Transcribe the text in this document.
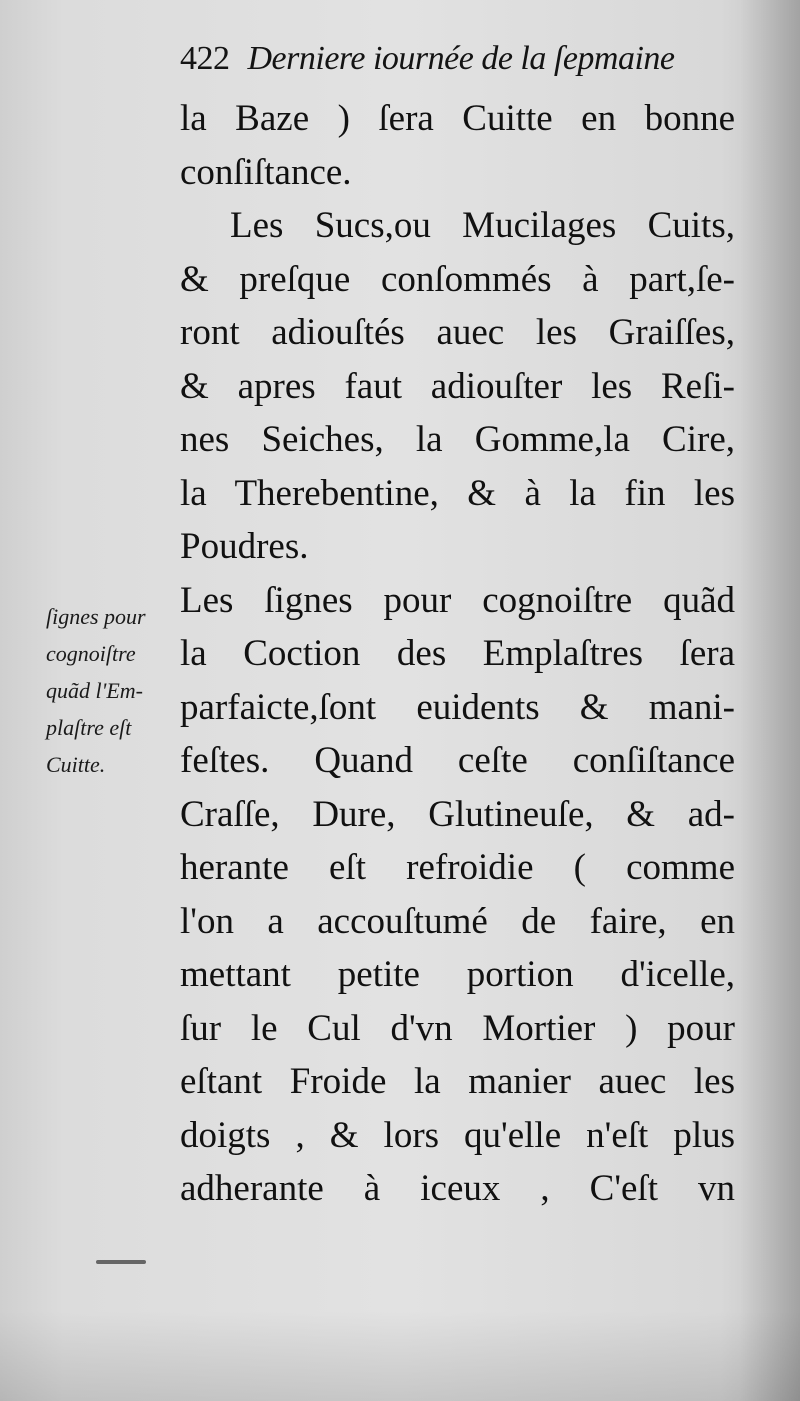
422 Derniere iournée de la ſepmaine
la Baze ) ſera Cuitte en bonne
conſiſtance.
Les Sucs,ou Mucilages Cuits,
& preſque conſommés à part,ſe-
ront adiouſtés auec les Graiſſes,
& apres faut adiouſter les Reſi-
nes Seiches, la Gomme,la Cire,
la Therebentine, & à la fin les
Poudres.
Les ſignes pour cognoiſtre quãd
la Coction des Emplaſtres ſera
parfaicte,ſont euidents & mani-
feſtes. Quand ceſte conſiſtance
Craſſe, Dure, Glutineuſe, & ad-
herante eſt refroidie ( comme
l'on a accouſtumé de faire, en
mettant petite portion d'icelle,
ſur le Cul d'vn Mortier ) pour
eſtant Froide la manier auec les
doigts , & lors qu'elle n'eſt plus
adherante à iceux , C'eſt vn
ſignes pour
cognoiſtre
quãd l'Em-
plaſtre eſt
Cuitte.
